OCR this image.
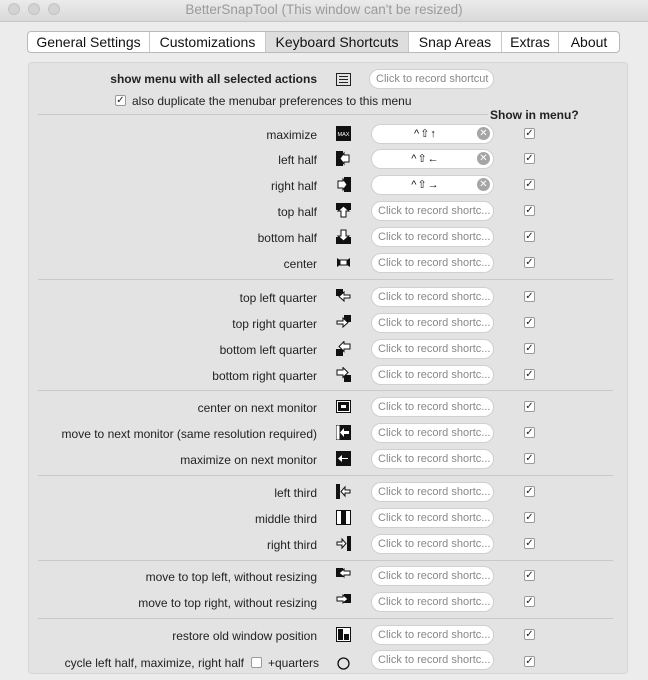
BetterSnapTool (This window can't be resized)
General Settings	Customizations	Keyboard Shortcuts	Snap Areas	Extras	About
show menu with all selected actions	Click to record shortcut
✓ also duplicate the menubar preferences to this menu
Show in menu?
maximize	MAX	^⇧↑	✕	✓
left half	^⇧←	✕	✓
right half	^⇧→	✕	✓
top half	Click to record shortc...	✓
bottom half	Click to record shortc...	✓
center	Click to record shortc...	✓
top left quarter	Click to record shortc...	✓
top right quarter	Click to record shortc...	✓
bottom left quarter	Click to record shortc...	✓
bottom right quarter	Click to record shortc...	✓
center on next monitor	Click to record shortc...	✓
move to next monitor (same resolution required)	Click to record shortc...	✓
maximize on next monitor	Click to record shortc...	✓
left third	Click to record shortc...	✓
middle third	Click to record shortc...	✓
right third	Click to record shortc...	✓
move to top left, without resizing	Click to record shortc...	✓
move to top right, without resizing	Click to record shortc...	✓
restore old window position	Click to record shortc...	✓
cycle left half, maximize, right half +quarters	Click to record shortc...	✓
